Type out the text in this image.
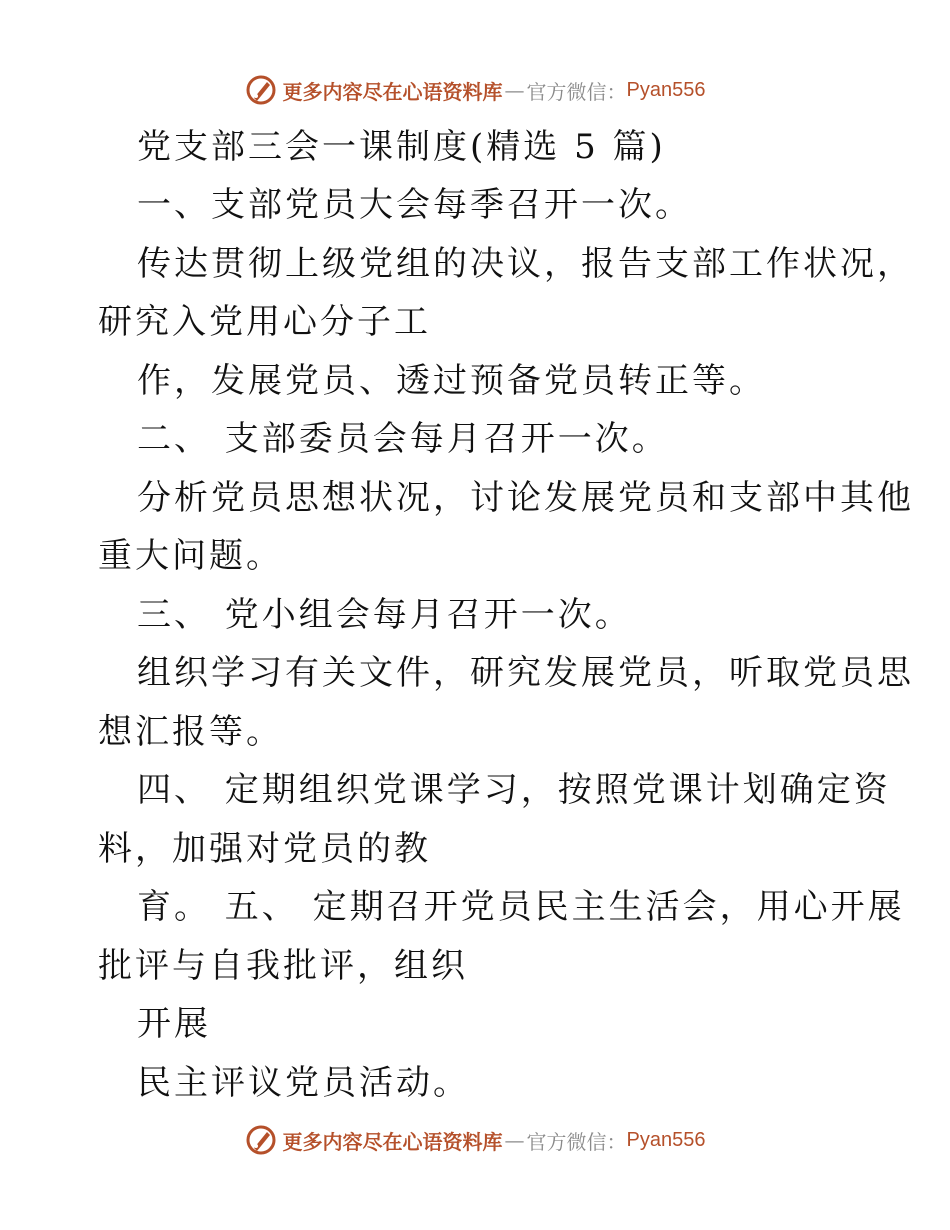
更多内容尽在心语资料库 — 官方微信： Pyan556
党支部三会一课制度(精选 5 篇)
一、支部党员大会每季召开一次。
传达贯彻上级党组的决议，报告支部工作状况，
研究入党用心分子工
作，发展党员、透过预备党员转正等。
二、 支部委员会每月召开一次。
分析党员思想状况，讨论发展党员和支部中其他
重大问题。
三、 党小组会每月召开一次。
组织学习有关文件，研究发展党员，听取党员思
想汇报等。
四、 定期组织党课学习，按照党课计划确定资
料，加强对党员的教
育。 五、 定期召开党员民主生活会，用心开展
批评与自我批评，组织
开展
民主评议党员活动。
更多内容尽在心语资料库 — 官方微信： Pyan556
